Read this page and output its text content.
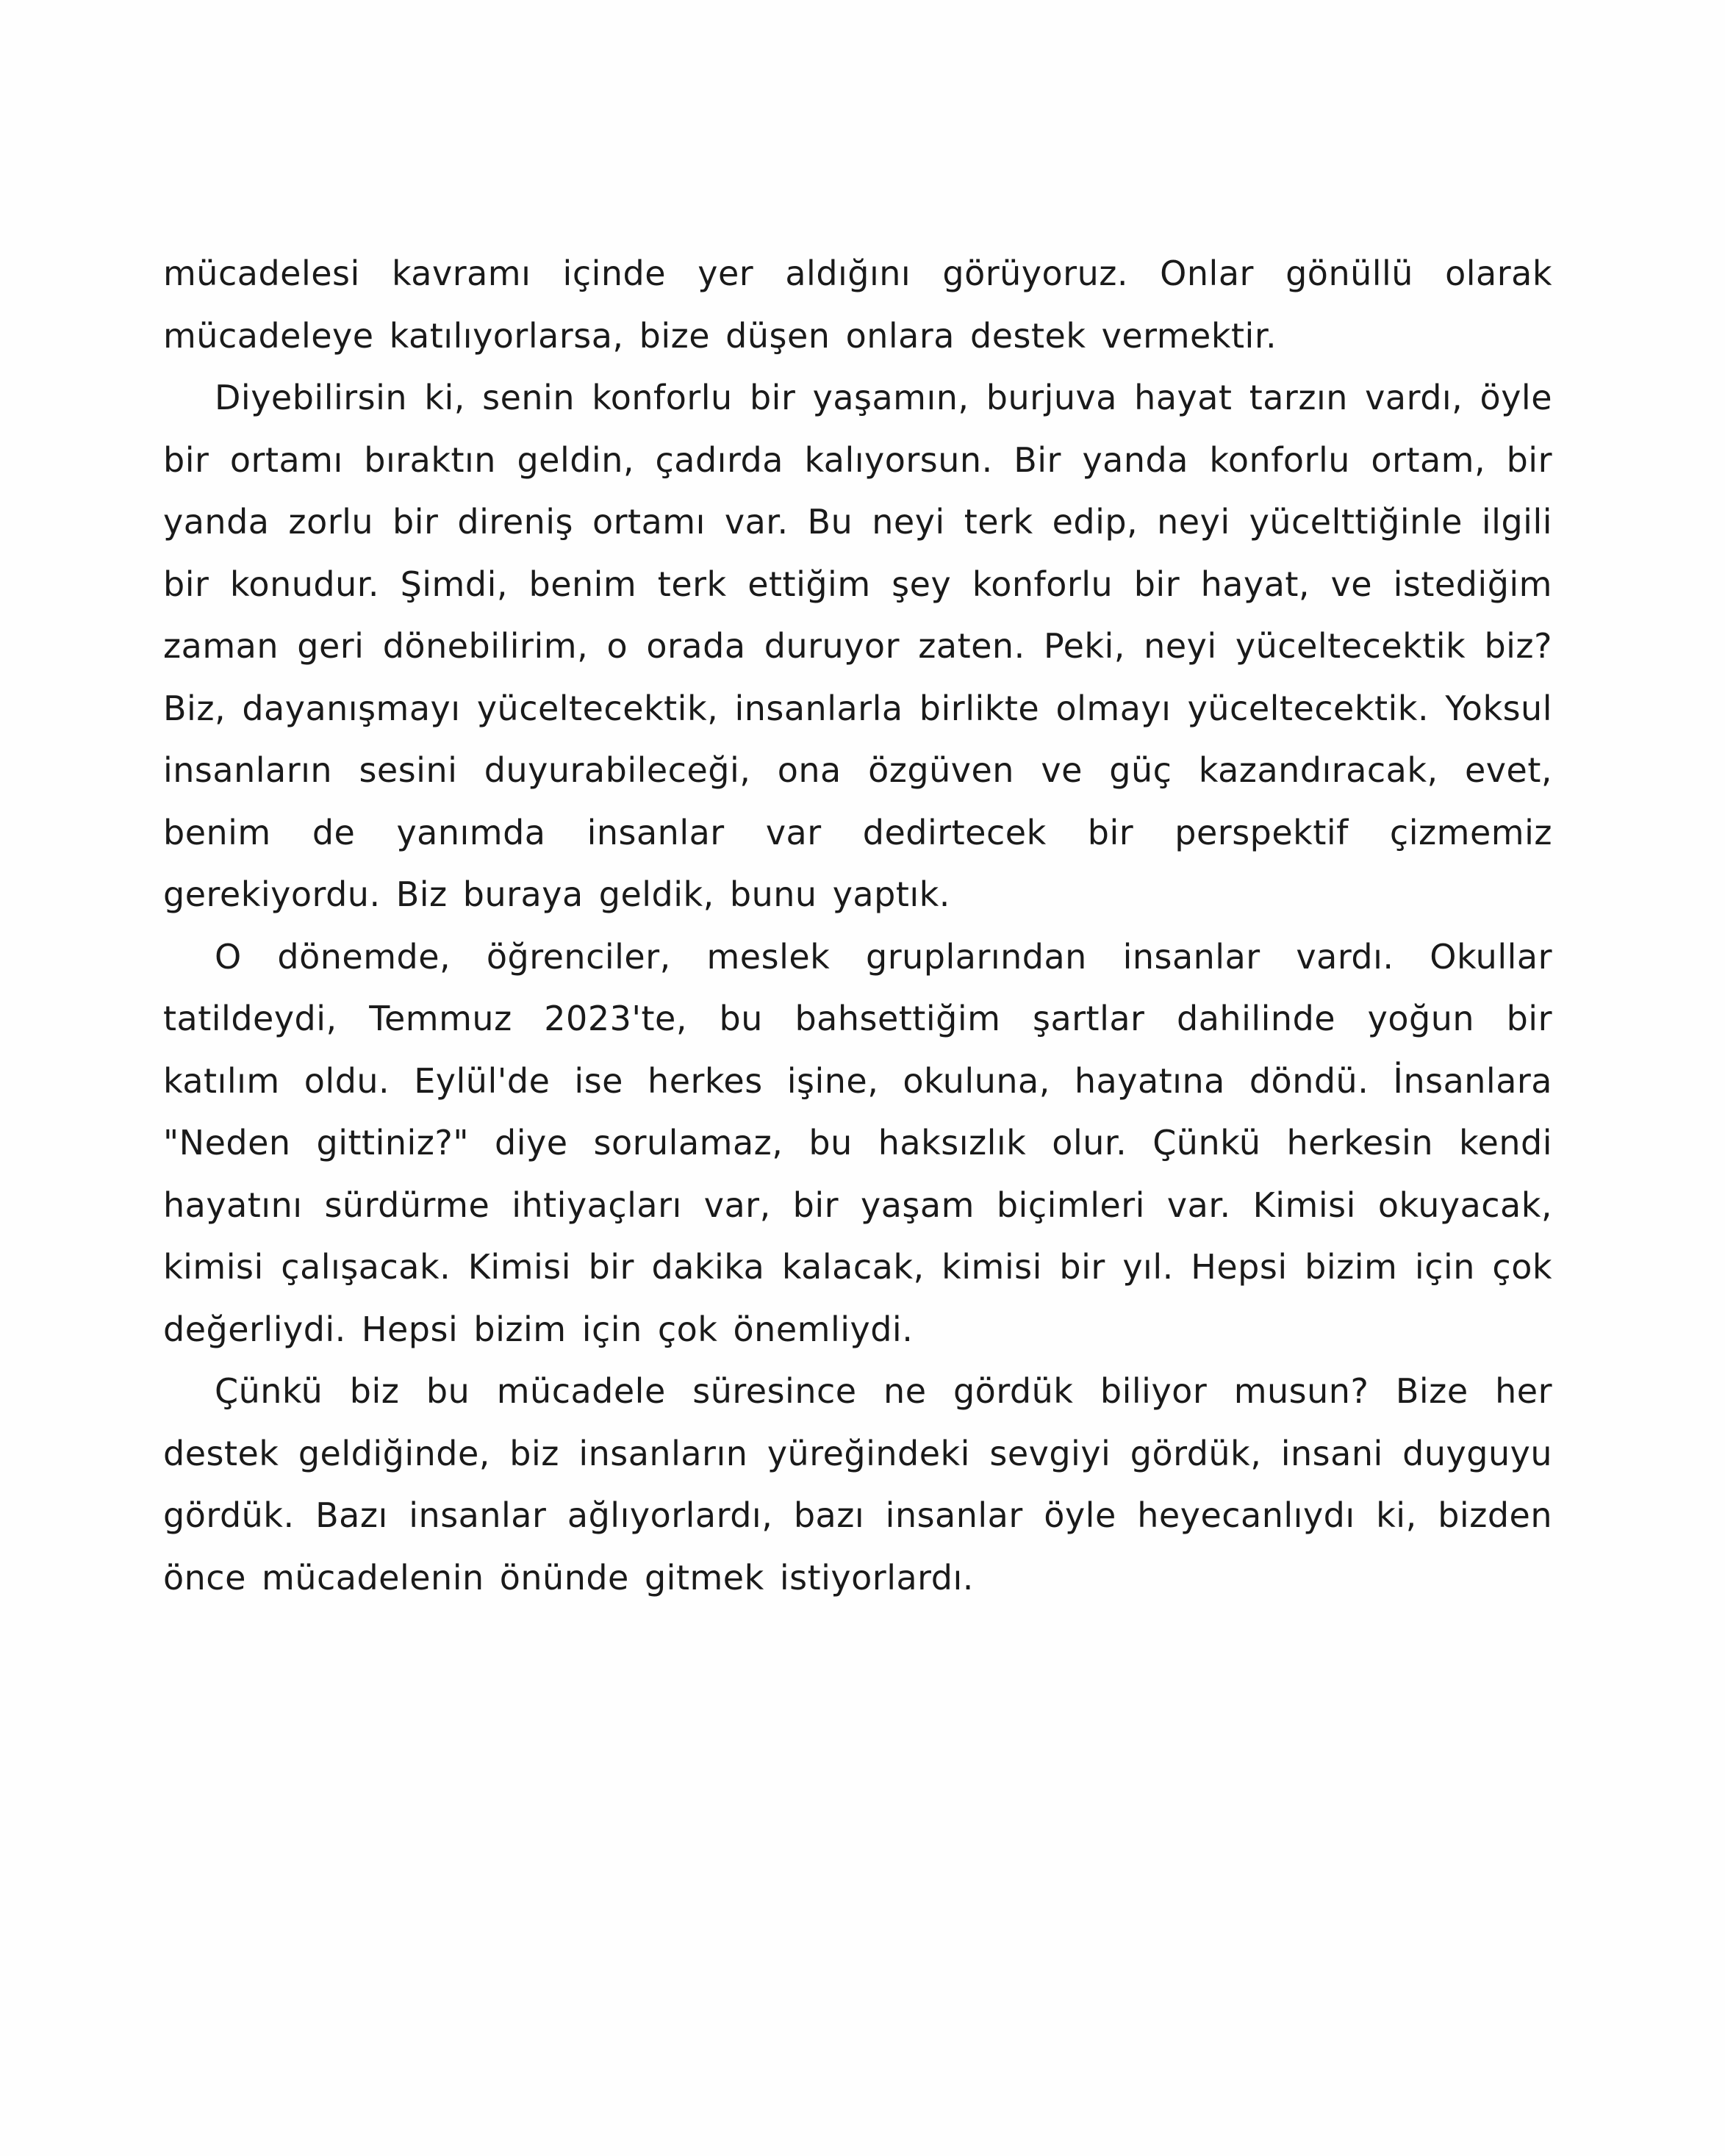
mücadelesi kavramı içinde yer aldığını görüyoruz. Onlar gönüllü olarak mücadeleye katılıyorlarsa, bize düşen onlara destek vermektir.

Diyebilirsin ki, senin konforlu bir yaşamın, burjuva hayat tarzın vardı, öyle bir ortamı bıraktın geldin, çadırda kalıyorsun. Bir yanda konforlu ortam, bir yanda zorlu bir direniş ortamı var. Bu neyi terk edip, neyi yücelttiğinle ilgili bir konudur. Şimdi, benim terk ettiğim şey konforlu bir hayat, ve istediğim zaman geri dönebilirim, o orada duruyor zaten. Peki, neyi yüceltecektik biz? Biz, dayanışmayı yüceltecektik, insanlarla birlikte olmayı yüceltecektik. Yoksul insanların sesini duyurabileceği, ona özgüven ve güç kazandıracak, evet, benim de yanımda insanlar var dedirtecek bir perspektif çizmemiz gerekiyordu. Biz buraya geldik, bunu yaptık.

O dönemde, öğrenciler, meslek gruplarından insanlar vardı. Okullar tatildeydi, Temmuz 2023'te, bu bahsettiğim şartlar dahilinde yoğun bir katılım oldu. Eylül'de ise herkes işine, okuluna, hayatına döndü. İnsanlara "Neden gittiniz?" diye sorulamaz, bu haksızlık olur. Çünkü herkesin kendi hayatını sürdürme ihtiyaçları var, bir yaşam biçimleri var. Kimisi okuyacak, kimisi çalışacak. Kimisi bir dakika kalacak, kimisi bir yıl. Hepsi bizim için çok değerliydi. Hepsi bizim için çok önemliydi.

Çünkü biz bu mücadele süresince ne gördük biliyor musun? Bize her destek geldiğinde, biz insanların yüreğindeki sevgiyi gördük, insani duyguyu gördük. Bazı insanlar ağlıyorlardı, bazı insanlar öyle heyecanlıydı ki, bizden önce mücadelenin önünde gitmek istiyorlardı.
